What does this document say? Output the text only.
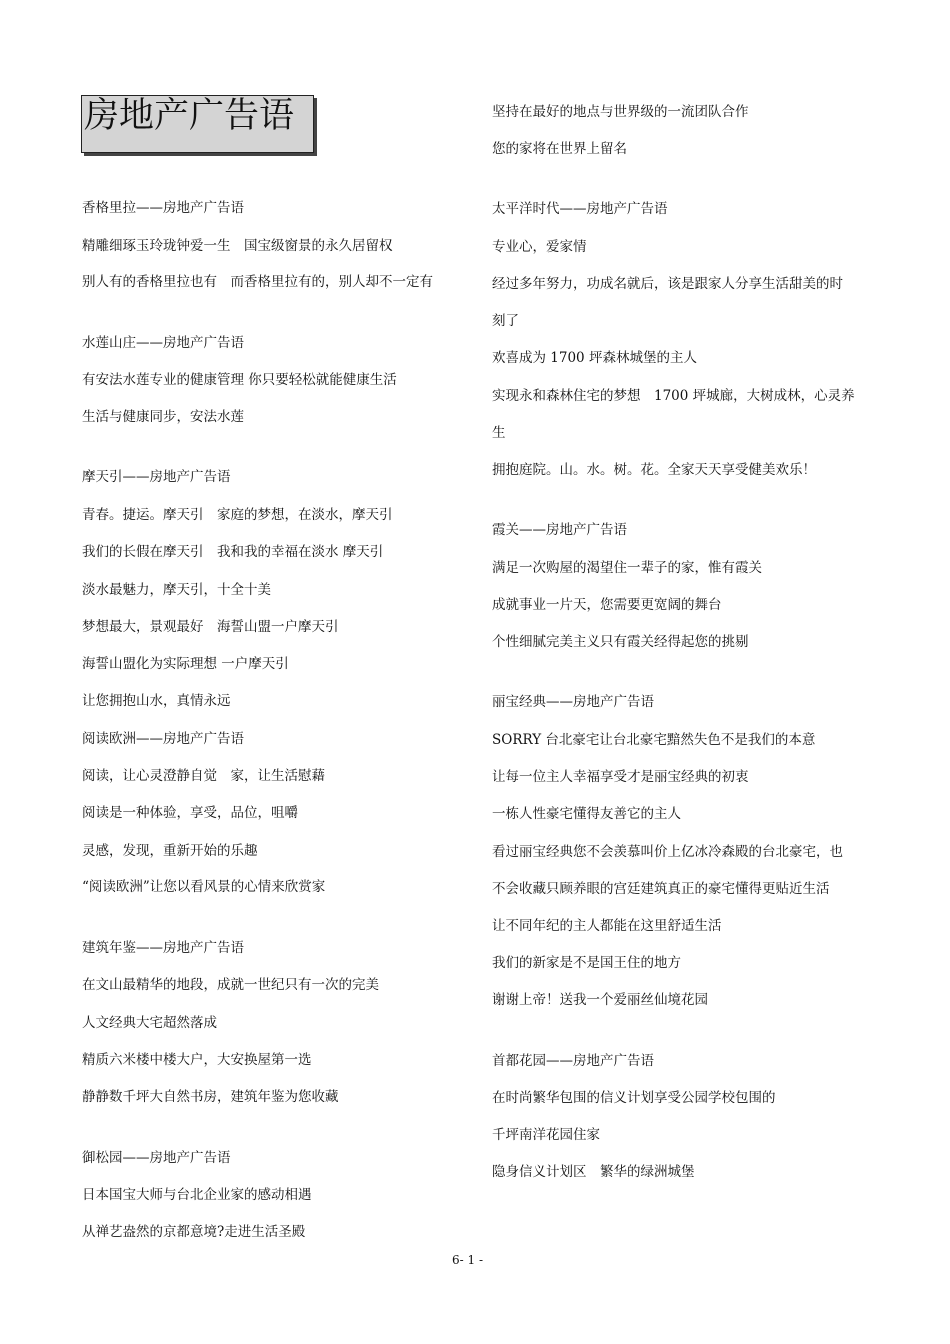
房地产广告语
香格里拉——房地产广告语
精雕细琢玉玲珑钟爱一生　国宝级窗景的永久居留权
别人有的香格里拉也有　而香格里拉有的，别人却不一定有
水莲山庄——房地产广告语
有安法水莲专业的健康管理 你只要轻松就能健康生活
生活与健康同步，安法水莲
摩天引——房地产广告语
青春。捷运。摩天引　家庭的梦想，在淡水，摩天引
我们的长假在摩天引　我和我的幸福在淡水 摩天引
淡水最魅力，摩天引，十全十美
梦想最大，景观最好　海誓山盟一户摩天引
海誓山盟化为实际理想 一户摩天引
让您拥抱山水，真情永远
阅读欧洲——房地产广告语
阅读，让心灵澄静自觉　家，让生活慰藉
阅读是一种体验，享受，品位，咀嚼
灵感，发现，重新开始的乐趣
“阅读欧洲”让您以看风景的心情来欣赏家
建筑年鉴——房地产广告语
在文山最精华的地段，成就一世纪只有一次的完美
人文经典大宅超然落成
精质六米楼中楼大户，大安换屋第一选
静静数千坪大自然书房，建筑年鉴为您收藏
御松园——房地产广告语
日本国宝大师与台北企业家的感动相遇
从禅艺盎然的京都意境?走进生活圣殿
坚持在最好的地点与世界级的一流团队合作
您的家将在世界上留名
太平洋时代——房地产广告语
专业心，爱家情
经过多年努力，功成名就后，该是跟家人分享生活甜美的时
刻了
欢喜成为 1700 坪森林城堡的主人
实现永和森林住宅的梦想　1700 坪城廊，大树成林，心灵养
生
拥抱庭院。山。水。树。花。全家天天享受健美欢乐！
霞关——房地产广告语
满足一次购屋的渴望住一辈子的家，惟有霞关
成就事业一片天，您需要更宽阔的舞台
个性细腻完美主义只有霞关经得起您的挑剔
丽宝经典——房地产广告语
SORRY 台北豪宅让台北豪宅黯然失色不是我们的本意
让每一位主人幸福享受才是丽宝经典的初衷
一栋人性豪宅懂得友善它的主人
看过丽宝经典您不会羡慕叫价上亿冰冷森殿的台北豪宅，也
不会收藏只顾养眼的宫廷建筑真正的豪宅懂得更贴近生活
让不同年纪的主人都能在这里舒适生活
我们的新家是不是国王住的地方
谢谢上帝！送我一个爱丽丝仙境花园
首都花园——房地产广告语
在时尚繁华包围的信义计划享受公园学校包围的
千坪南洋花园住家
隐身信义计划区　繁华的绿洲城堡
6- 1 -
